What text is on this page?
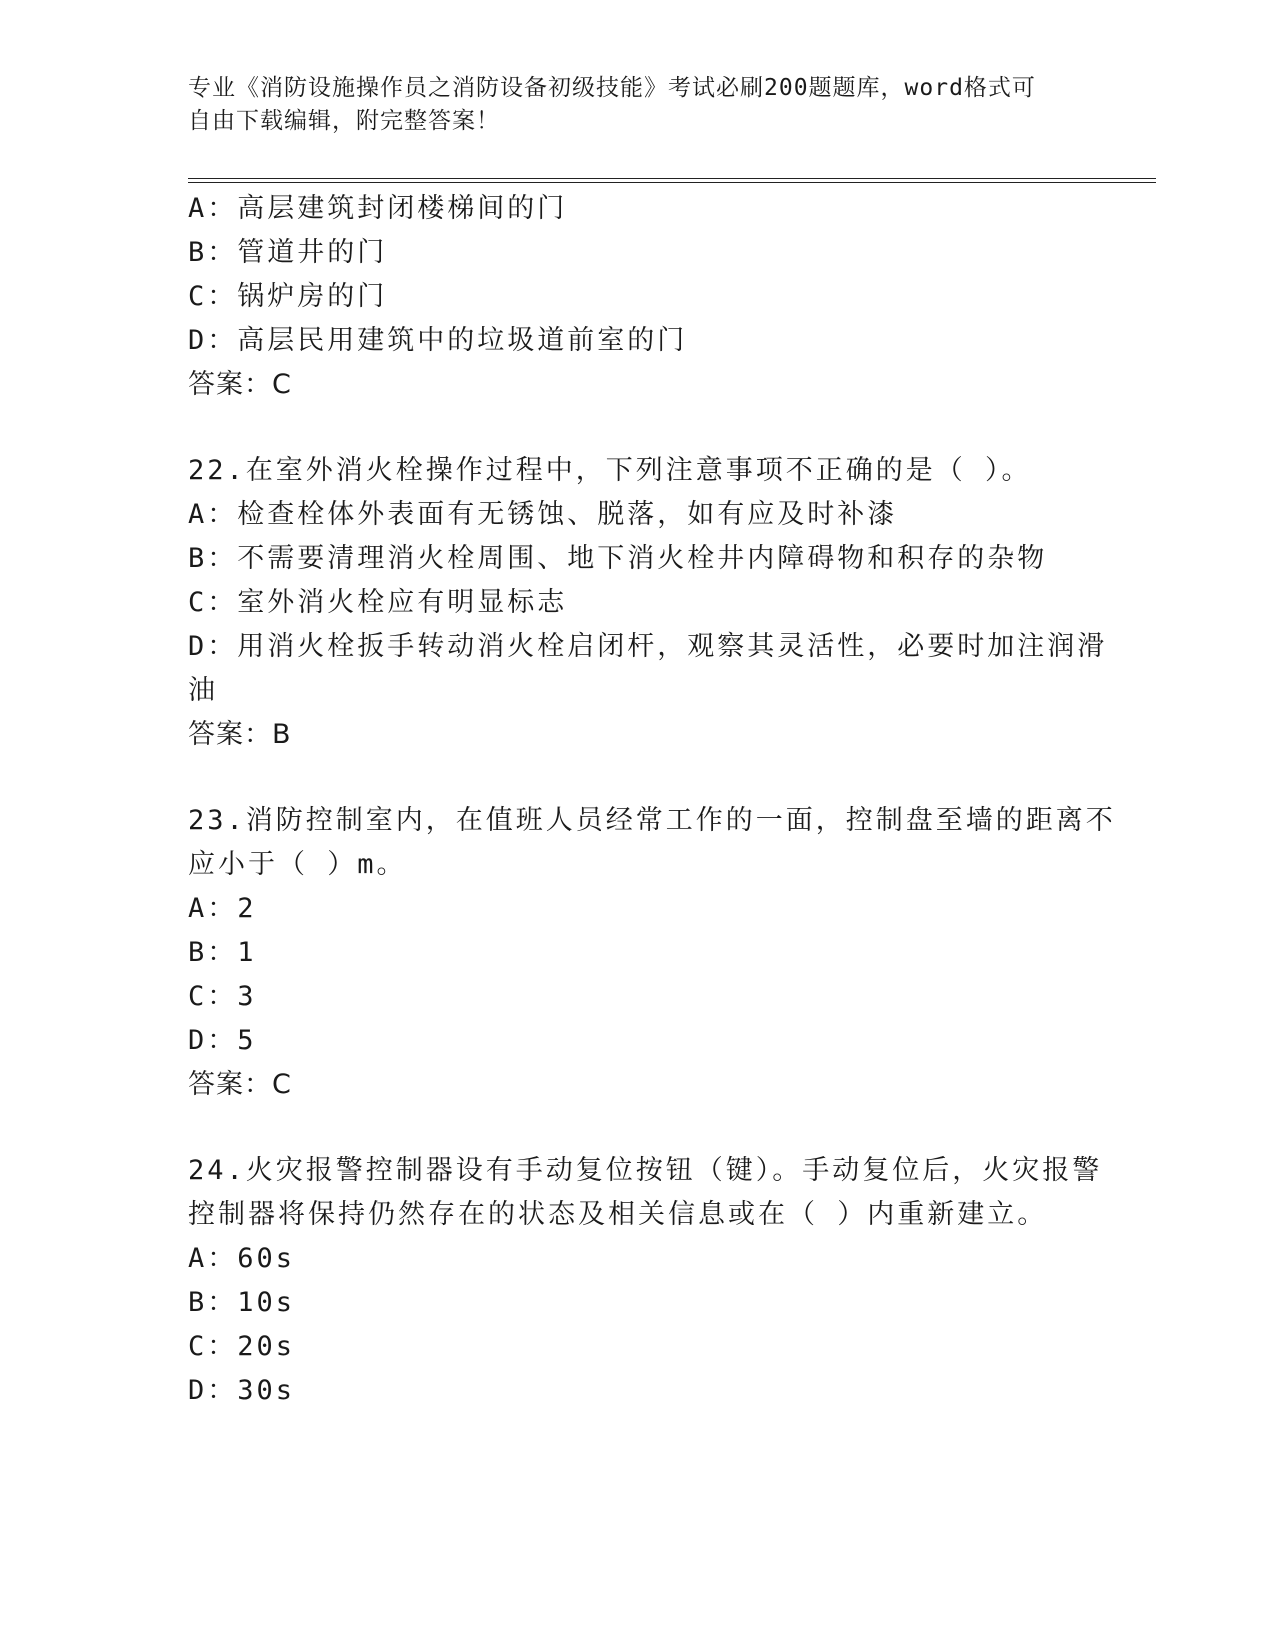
专业《消防设施操作员之消防设备初级技能》考试必刷200题题库，word格式可
自由下载编辑，附完整答案！
A：高层建筑封闭楼梯间的门
B：管道井的门
C：锅炉房的门
D：高层民用建筑中的垃圾道前室的门
答案：C
22.在室外消火栓操作过程中，下列注意事项不正确的是（ ）。
A：检查栓体外表面有无锈蚀、脱落，如有应及时补漆
B：不需要清理消火栓周围、地下消火栓井内障碍物和积存的杂物
C：室外消火栓应有明显标志
D：用消火栓扳手转动消火栓启闭杆，观察其灵活性，必要时加注润滑
油
答案：B
23.消防控制室内，在值班人员经常工作的一面，控制盘至墙的距离不
应小于（ ）m。
A：2
B：1
C：3
D：5
答案：C
24.火灾报警控制器设有手动复位按钮（键）。手动复位后，火灾报警
控制器将保持仍然存在的状态及相关信息或在（ ）内重新建立。
A：60s
B：10s
C：20s
D：30s
